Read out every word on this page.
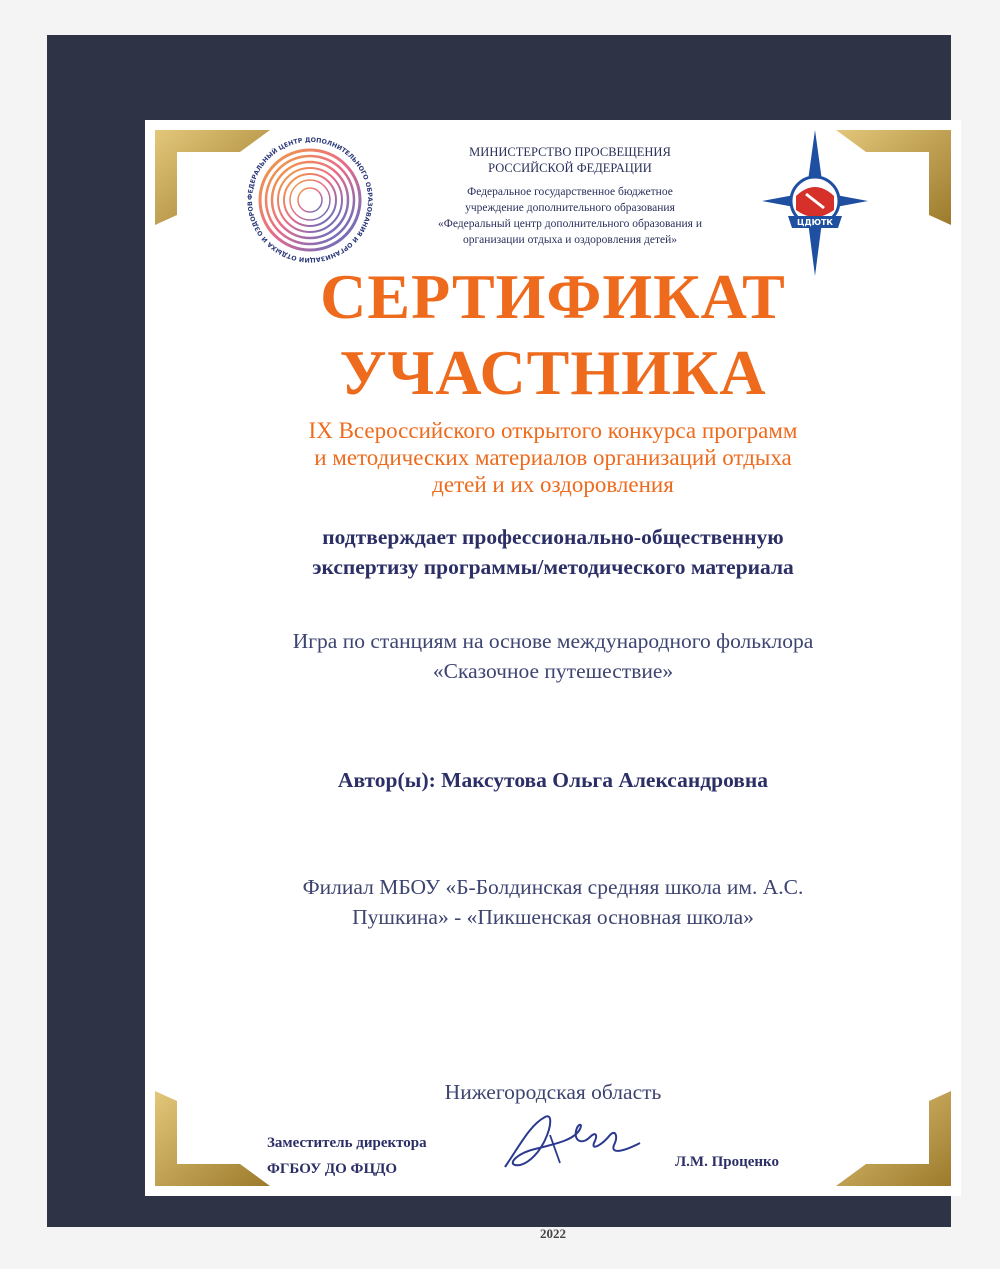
ФЕДЕРАЛЬНЫЙ ЦЕНТР ДОПОЛНИТЕЛЬНОГО ОБРАЗОВАНИЯ И ОРГАНИЗАЦИИ ОТДЫХА И ОЗДОРОВ
ЦДЮТК
МИНИСТЕРСТВО ПРОСВЕЩЕНИЯ
РОССИЙСКОЙ ФЕДЕРАЦИИ
Федеральное государственное бюджетное
учреждение дополнительного образования
«Федеральный центр дополнительного образования и
организации отдыха и оздоровления детей»
СЕРТИФИКАТ
УЧАСТНИКА
IX Всероссийского открытого конкурса программ
и методических материалов организаций отдыха
детей и их оздоровления
подтверждает профессионально-общественную
экспертизу программы/методического материала
Игра по станциям на основе международного фольклора
«Сказочное путешествие»
Автор(ы): Максутова Ольга Александровна
Филиал МБОУ «Б-Болдинская средняя школа им. А.С.
Пушкина» - «Пикшенская основная школа»
Нижегородская область
Заместитель директора
ФГБОУ ДО ФЦДО	Л.М. Проценко
2022
